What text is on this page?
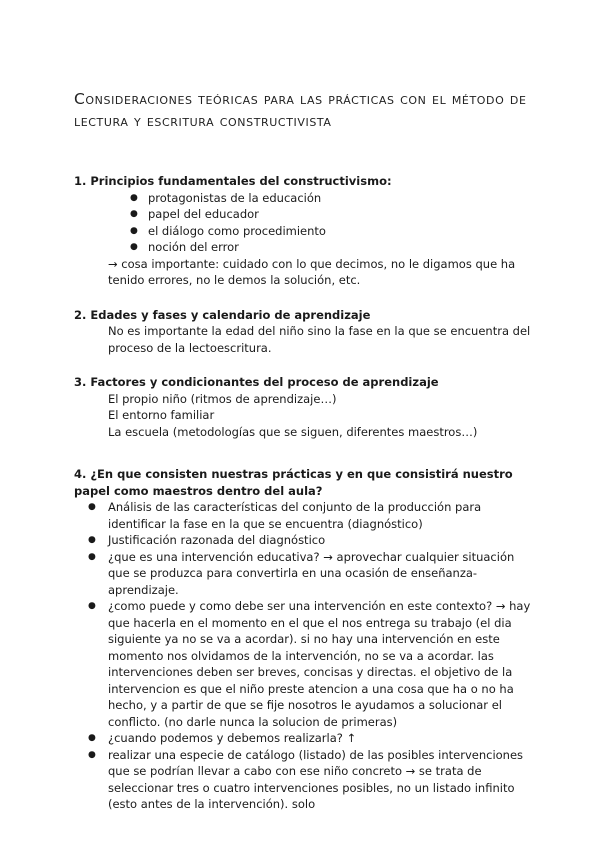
Consideraciones teóricas para las prácticas con el método de lectura y escritura constructivista
1. Principios fundamentales del constructivismo:
● protagonistas de la educación
● papel del educador
● el diálogo como procedimiento
● noción del error
→ cosa importante: cuidado con lo que decimos, no le digamos que ha tenido errores, no le demos la solución, etc.
2. Edades y fases y calendario de aprendizaje
No es importante la edad del niño sino la fase en la que se encuentra del proceso de la lectoescritura.
3. Factores y condicionantes del proceso de aprendizaje
El propio niño (ritmos de aprendizaje…)
El entorno familiar
La escuela (metodologías que se siguen, diferentes maestros…)
4. ¿En que consisten nuestras prácticas y en que consistirá nuestro papel como maestros dentro del aula?
● Análisis de las características del conjunto de la producción para identificar la fase en la que se encuentra (diagnóstico)
● Justificación razonada del diagnóstico
● ¿que es una intervención educativa? → aprovechar cualquier situación que se produzca para convertirla en una ocasión de enseñanza-aprendizaje.
● ¿como puede y como debe ser una intervención en este contexto? → hay que hacerla en el momento en el que el nos entrega su trabajo (el dia siguiente ya no se va a acordar). si no hay una intervención en este momento nos olvidamos de la intervención, no se va a acordar. las intervenciones deben ser breves, concisas y directas. el objetivo de la intervencion es que el niño preste atencion a una cosa que ha o no ha hecho, y a partir de que se fije nosotros le ayudamos a solucionar el conflicto. (no darle nunca la solucion de primeras)
● ¿cuando podemos y debemos realizarla? ↑
● realizar una especie de catálogo (listado) de las posibles intervenciones que se podrían llevar a cabo con ese niño concreto → se trata de seleccionar tres o cuatro intervenciones posibles, no un listado infinito (esto antes de la intervención). solo
